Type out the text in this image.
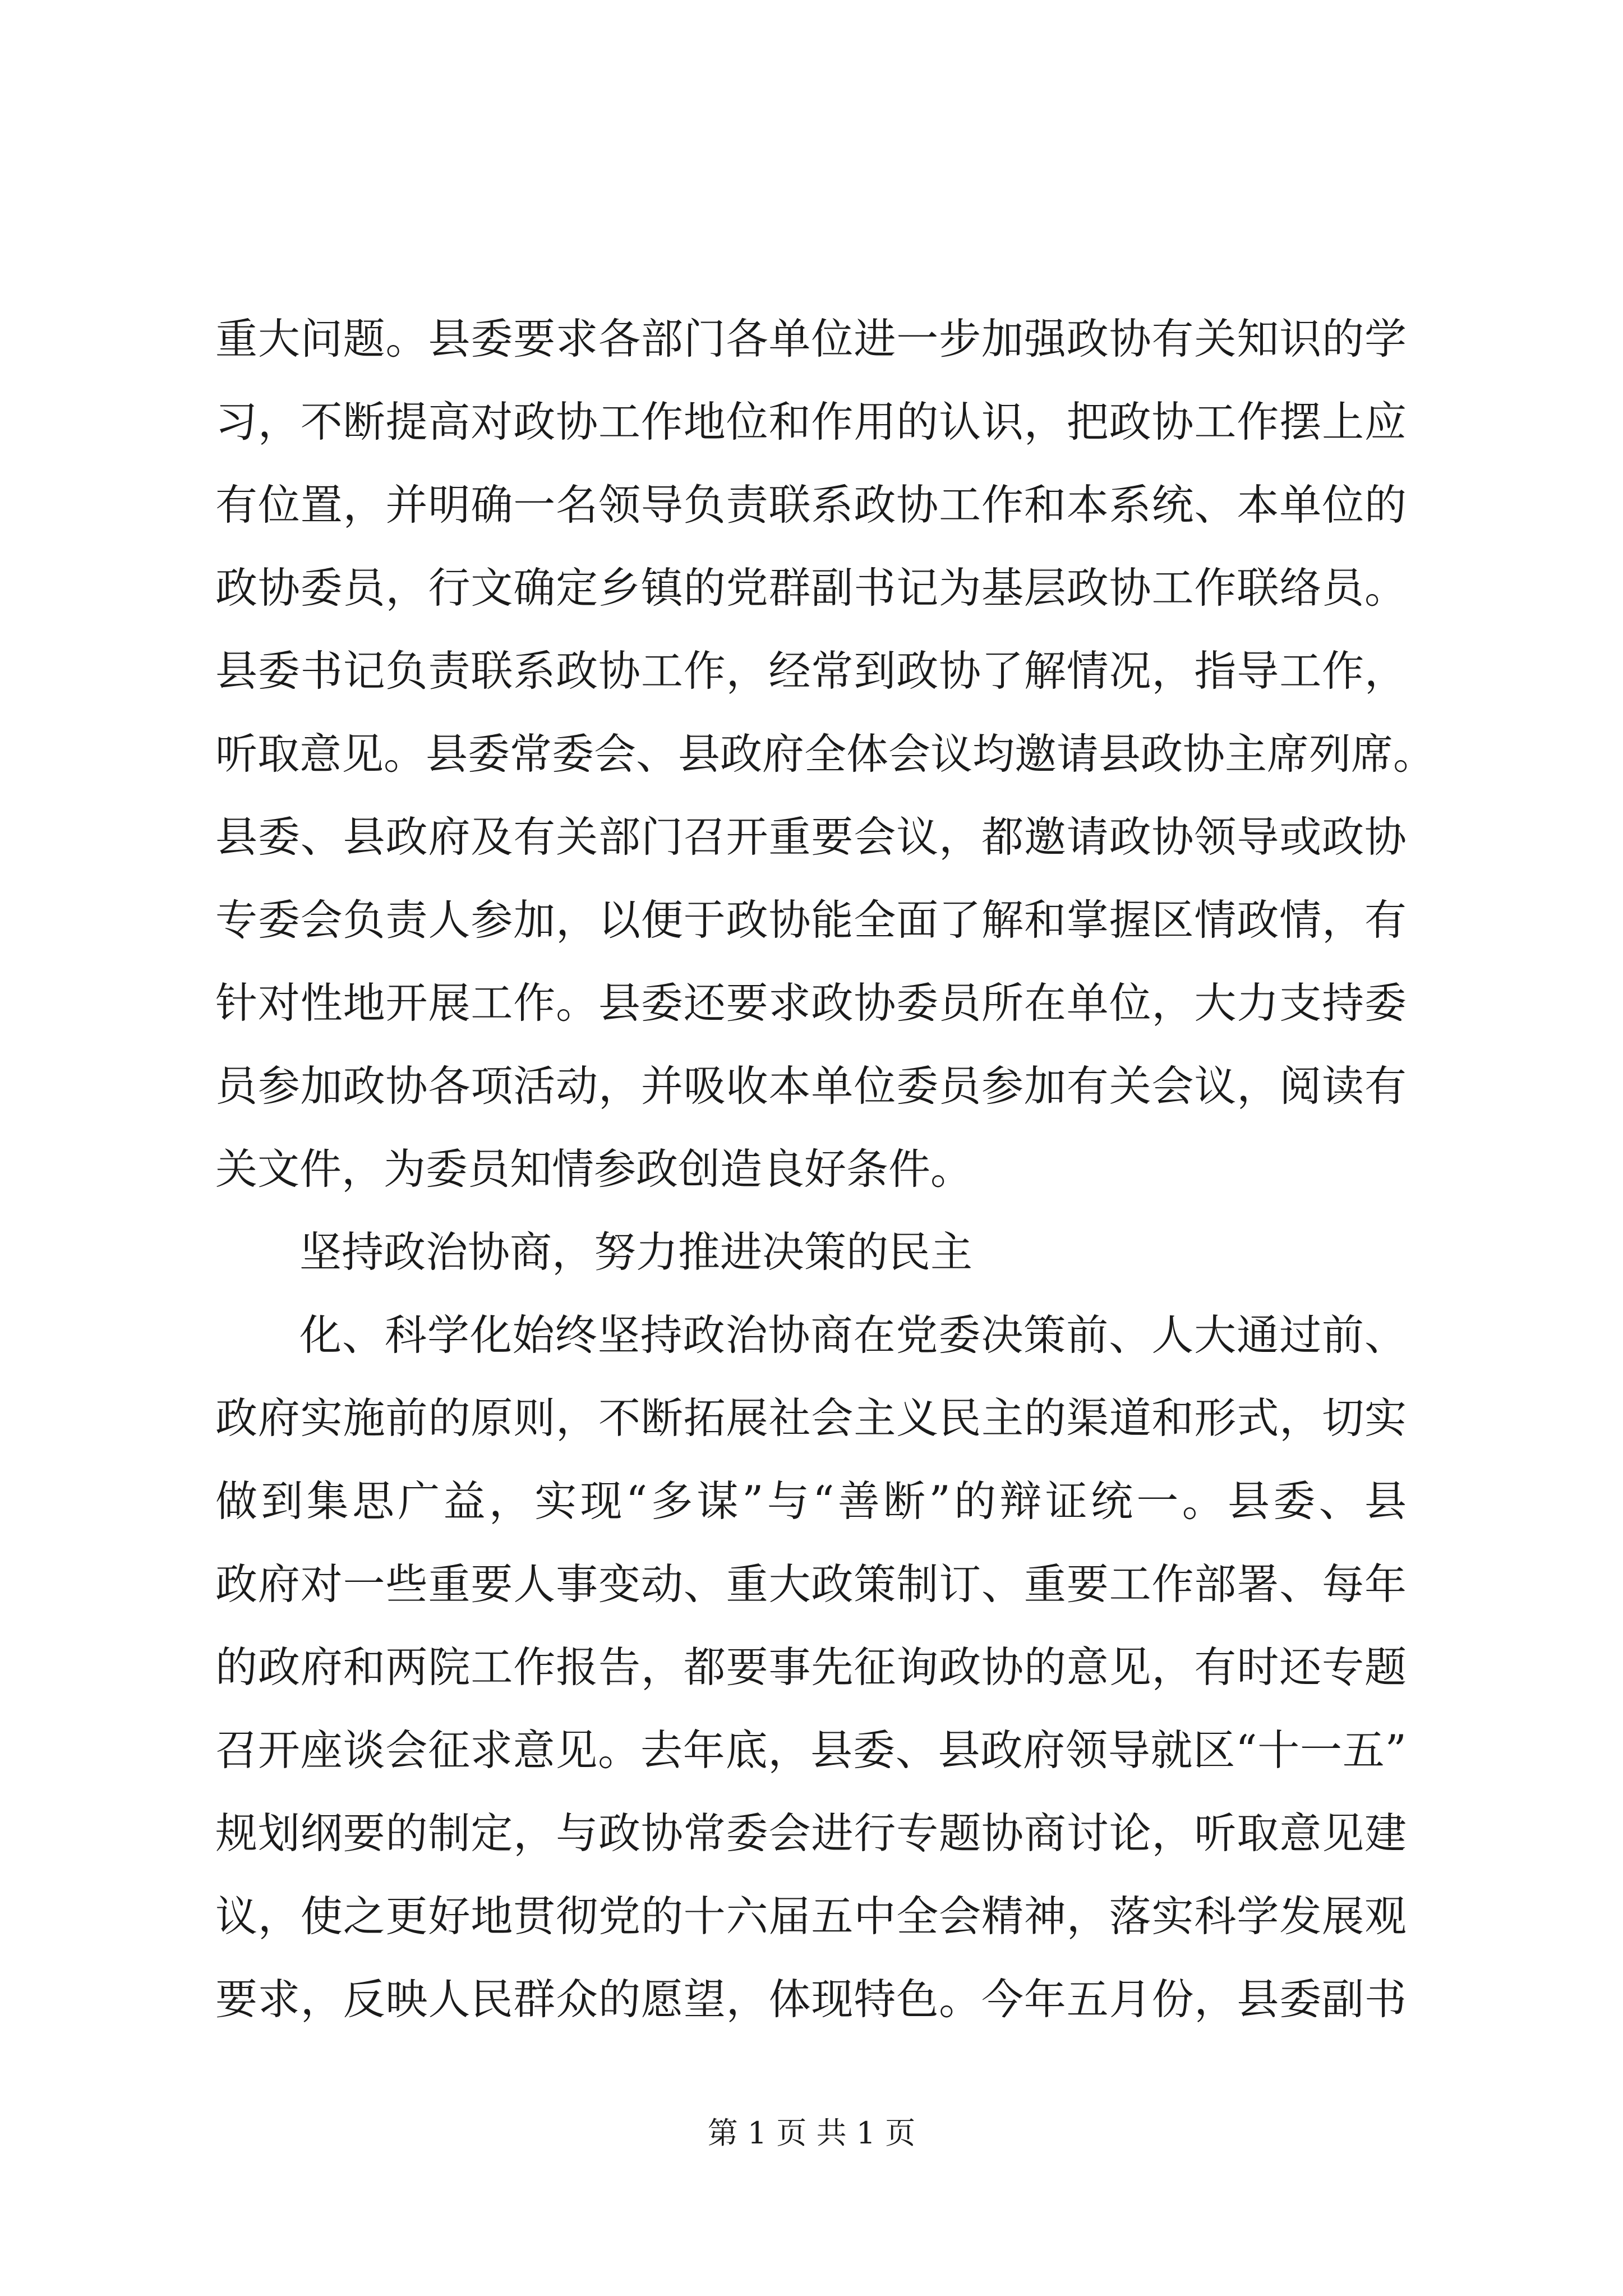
重大问题。县委要求各部门各单位进一步加强政协有关知识的学
习，不断提高对政协工作地位和作用的认识，把政协工作摆上应
有位置，并明确一名领导负责联系政协工作和本系统、本单位的
政协委员，行文确定乡镇的党群副书记为基层政协工作联络员。
县委书记负责联系政协工作，经常到政协了解情况，指导工作，
听取意见。县委常委会、县政府全体会议均邀请县政协主席列席。
县委、县政府及有关部门召开重要会议，都邀请政协领导或政协
专委会负责人参加，以便于政协能全面了解和掌握区情政情，有
针对性地开展工作。县委还要求政协委员所在单位，大力支持委
员参加政协各项活动，并吸收本单位委员参加有关会议，阅读有
关文件，为委员知情参政创造良好条件。
坚持政治协商，努力推进决策的民主
化、科学化始终坚持政治协商在党委决策前、人大通过前、
政府实施前的原则，不断拓展社会主义民主的渠道和形式，切实
做到集思广益，实现“多谋”与“善断”的辩证统一。县委、县
政府对一些重要人事变动、重大政策制订、重要工作部署、每年
的政府和两院工作报告，都要事先征询政协的意见，有时还专题
召开座谈会征求意见。去年底，县委、县政府领导就区“十一五”
规划纲要的制定，与政协常委会进行专题协商讨论，听取意见建
议，使之更好地贯彻党的十六届五中全会精神，落实科学发展观
要求，反映人民群众的愿望，体现特色。今年五月份，县委副书
第 1 页 共 1 页
